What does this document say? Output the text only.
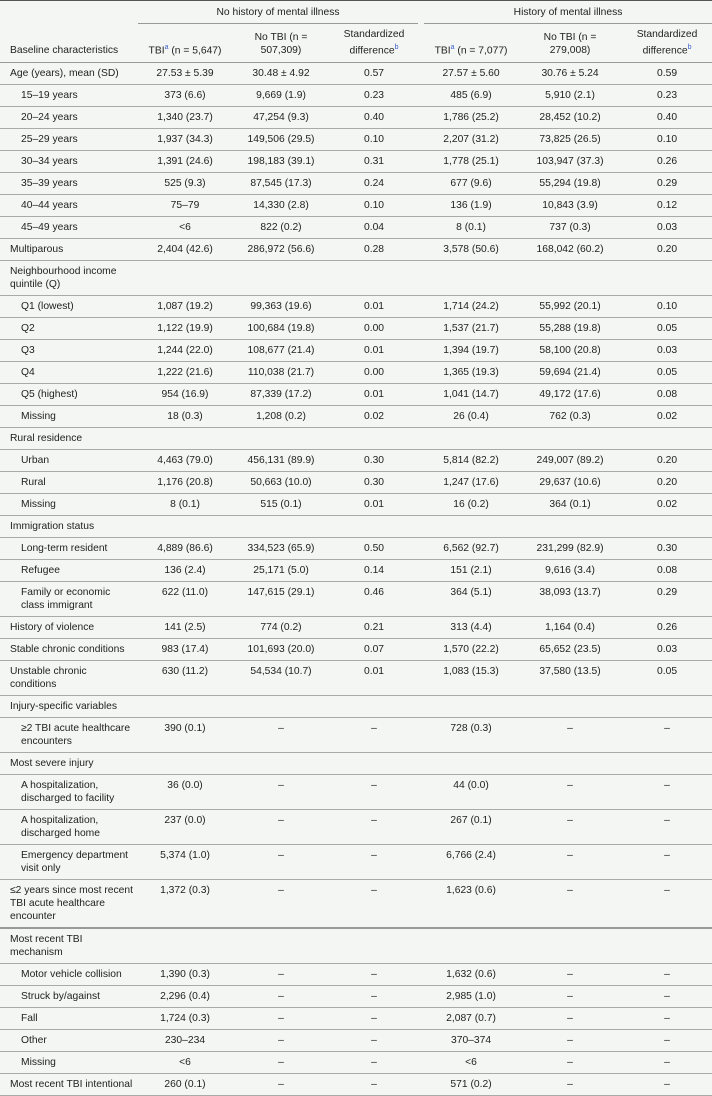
	No history of mental illness				History of mental illness		
Baseline characteristics	TBI$^a$ (n = 5,647)	No TBI (n = 507,309)	Standardized difference$^b$		TBI$^a$ (n = 7,077)	No TBI (n = 279,008)	Standardized difference$^b$
Age (years), mean (SD)	27.53 ± 5.39	30.48 ± 4.92	0.57		27.57 ± 5.60	30.76 ± 5.24	0.59
15–19 years	373 (6.6)	9,669 (1.9)	0.23		485 (6.9)	5,910 (2.1)	0.23
20–24 years	1,340 (23.7)	47,254 (9.3)	0.40		1,786 (25.2)	28,452 (10.2)	0.40
25–29 years	1,937 (34.3)	149,506 (29.5)	0.10		2,207 (31.2)	73,825 (26.5)	0.10
30–34 years	1,391 (24.6)	198,183 (39.1)	0.31		1,778 (25.1)	103,947 (37.3)	0.26
35–39 years	525 (9.3)	87,545 (17.3)	0.24		677 (9.6)	55,294 (19.8)	0.29
40–44 years	75–79	14,330 (2.8)	0.10		136 (1.9)	10,843 (3.9)	0.12
45–49 years	<6	822 (0.2)	0.04		8 (0.1)	737 (0.3)	0.03
Multiparous	2,404 (42.6)	286,972 (56.6)	0.28		3,578 (50.6)	168,042 (60.2)	0.20
Neighbourhood income quintile (Q)							
Q1 (lowest)	1,087 (19.2)	99,363 (19.6)	0.01		1,714 (24.2)	55,992 (20.1)	0.10
Q2	1,122 (19.9)	100,684 (19.8)	0.00		1,537 (21.7)	55,288 (19.8)	0.05
Q3	1,244 (22.0)	108,677 (21.4)	0.01		1,394 (19.7)	58,100 (20.8)	0.03
Q4	1,222 (21.6)	110,038 (21.7)	0.00		1,365 (19.3)	59,694 (21.4)	0.05
Q5 (highest)	954 (16.9)	87,339 (17.2)	0.01		1,041 (14.7)	49,172 (17.6)	0.08
Missing	18 (0.3)	1,208 (0.2)	0.02		26 (0.4)	762 (0.3)	0.02
Rural residence							
Urban	4,463 (79.0)	456,131 (89.9)	0.30		5,814 (82.2)	249,007 (89.2)	0.20
Rural	1,176 (20.8)	50,663 (10.0)	0.30		1,247 (17.6)	29,637 (10.6)	0.20
Missing	8 (0.1)	515 (0.1)	0.01		16 (0.2)	364 (0.1)	0.02
Immigration status							
Long-term resident	4,889 (86.6)	334,523 (65.9)	0.50		6,562 (92.7)	231,299 (82.9)	0.30
Refugee	136 (2.4)	25,171 (5.0)	0.14		151 (2.1)	9,616 (3.4)	0.08
Family or economic class immigrant	622 (11.0)	147,615 (29.1)	0.46		364 (5.1)	38,093 (13.7)	0.29
History of violence	141 (2.5)	774 (0.2)	0.21		313 (4.4)	1,164 (0.4)	0.26
Stable chronic conditions	983 (17.4)	101,693 (20.0)	0.07		1,570 (22.2)	65,652 (23.5)	0.03
Unstable chronic conditions	630 (11.2)	54,534 (10.7)	0.01		1,083 (15.3)	37,580 (13.5)	0.05
Injury-specific variables							
≥2 TBI acute healthcare encounters	390 (0.1)	–	–		728 (0.3)	–	–
Most severe injury							
A hospitalization, discharged to facility	36 (0.0)	–	–		44 (0.0)	–	–
A hospitalization, discharged home	237 (0.0)	–	–		267 (0.1)	–	–
Emergency department visit only	5,374 (1.0)	–	–		6,766 (2.4)	–	–
≤2 years since most recent TBI acute healthcare encounter	1,372 (0.3)	–	–		1,623 (0.6)	–	–
Most recent TBI mechanism							
Motor vehicle collision	1,390 (0.3)	–	–		1,632 (0.6)	–	–
Struck by/against	2,296 (0.4)	–	–		2,985 (1.0)	–	–
Fall	1,724 (0.3)	–	–		2,087 (0.7)	–	–
Other	230–234	–	–		370–374	–	–
Missing	<6	–	–		<6	–	–
Most recent TBI intentional	260 (0.1)	–	–		571 (0.2)	–	–
